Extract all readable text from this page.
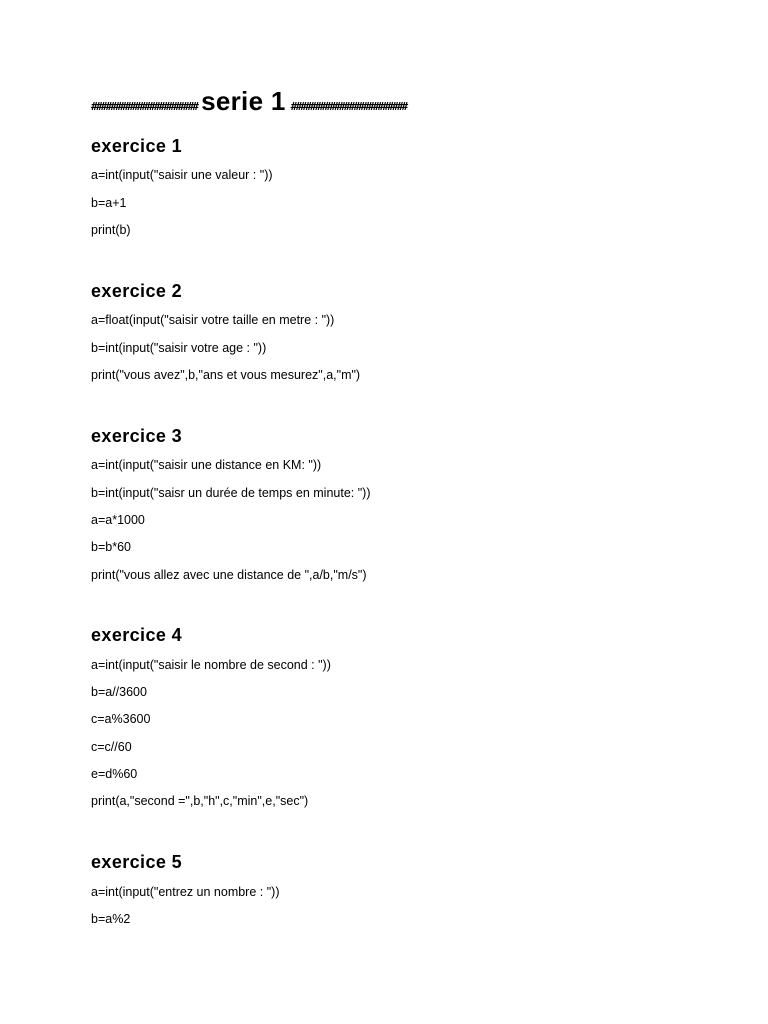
###################### serie 1 ########################
exercice 1

a=int(input("saisir une valeur : "))

b=a+1

print(b)

exercice 2

a=float(input("saisir votre taille en metre : "))

b=int(input("saisir votre age : "))

print("vous avez",b,"ans et vous mesurez",a,"m")

exercice 3

a=int(input("saisir une distance en KM: "))

b=int(input("saisr un durée de temps en minute: "))

a=a*1000

b=b*60

print("vous allez avec une distance de ",a/b,"m/s")

exercice 4

a=int(input("saisir le nombre de second : "))

b=a//3600

c=a%3600

c=c//60

e=d%60

print(a,"second =",b,"h",c,"min",e,"sec")

exercice 5

a=int(input("entrez un nombre : "))

b=a%2
